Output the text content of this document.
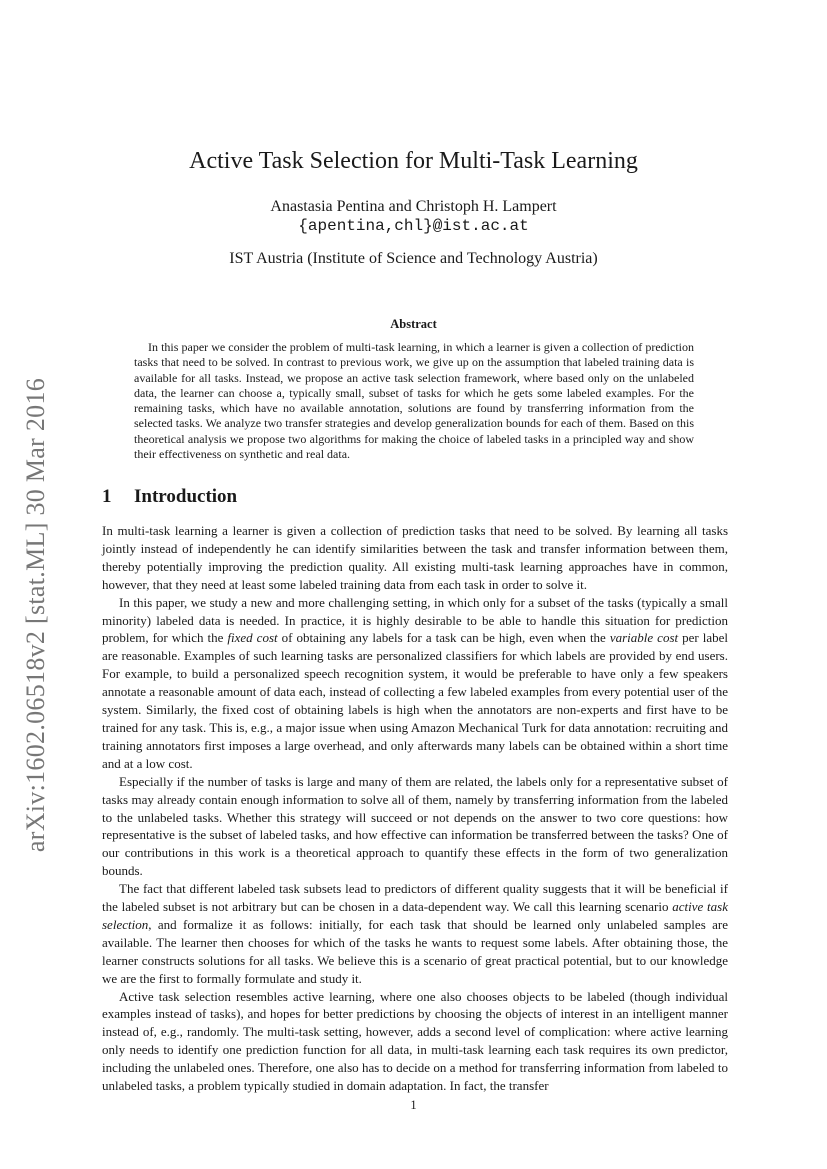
arXiv:1602.06518v2 [stat.ML] 30 Mar 2016
Active Task Selection for Multi-Task Learning
Anastasia Pentina and Christoph H. Lampert
{apentina,chl}@ist.ac.at
IST Austria (Institute of Science and Technology Austria)
Abstract
In this paper we consider the problem of multi-task learning, in which a learner is given a collection of prediction tasks that need to be solved. In contrast to previous work, we give up on the assumption that labeled training data is available for all tasks. Instead, we propose an active task selection framework, where based only on the unlabeled data, the learner can choose a, typically small, subset of tasks for which he gets some labeled examples. For the remaining tasks, which have no available annotation, solutions are found by transferring information from the selected tasks. We analyze two transfer strategies and develop generalization bounds for each of them. Based on this theoretical analysis we propose two algorithms for making the choice of labeled tasks in a principled way and show their effectiveness on synthetic and real data.
1 Introduction

In multi-task learning a learner is given a collection of prediction tasks that need to be solved. By learning all tasks jointly instead of independently he can identify similarities between the task and transfer information between them, thereby potentially improving the prediction quality. All existing multi-task learning approaches have in common, however, that they need at least some labeled training data from each task in order to solve it.

In this paper, we study a new and more challenging setting, in which only for a subset of the tasks (typically a small minority) labeled data is needed. In practice, it is highly desirable to be able to handle this situation for prediction problem, for which the fixed cost of obtaining any labels for a task can be high, even when the variable cost per label are reasonable. Examples of such learning tasks are personalized classifiers for which labels are provided by end users. For example, to build a personalized speech recognition system, it would be preferable to have only a few speakers annotate a reasonable amount of data each, instead of collecting a few labeled examples from every potential user of the system. Similarly, the fixed cost of obtaining labels is high when the annotators are non-experts and first have to be trained for any task. This is, e.g., a major issue when using Amazon Mechanical Turk for data annotation: recruiting and training annotators first imposes a large overhead, and only afterwards many labels can be obtained within a short time and at a low cost.

Especially if the number of tasks is large and many of them are related, the labels only for a representative subset of tasks may already contain enough information to solve all of them, namely by transferring information from the labeled to the unlabeled tasks. Whether this strategy will succeed or not depends on the answer to two core questions: how representative is the subset of labeled tasks, and how effective can information be transferred between the tasks? One of our contributions in this work is a theoretical approach to quantify these effects in the form of two generalization bounds.

The fact that different labeled task subsets lead to predictors of different quality suggests that it will be beneficial if the labeled subset is not arbitrary but can be chosen in a data-dependent way. We call this learning scenario active task selection, and formalize it as follows: initially, for each task that should be learned only unlabeled samples are available. The learner then chooses for which of the tasks he wants to request some labels. After obtaining those, the learner constructs solutions for all tasks. We believe this is a scenario of great practical potential, but to our knowledge we are the first to formally formulate and study it.

Active task selection resembles active learning, where one also chooses objects to be labeled (though individual examples instead of tasks), and hopes for better predictions by choosing the objects of interest in an intelligent manner instead of, e.g., randomly. The multi-task setting, however, adds a second level of complication: where active learning only needs to identify one prediction function for all data, in multi-task learning each task requires its own predictor, including the unlabeled ones. Therefore, one also has to decide on a method for transferring information from labeled to unlabeled tasks, a problem typically studied in domain adaptation. In fact, the transfer

1
